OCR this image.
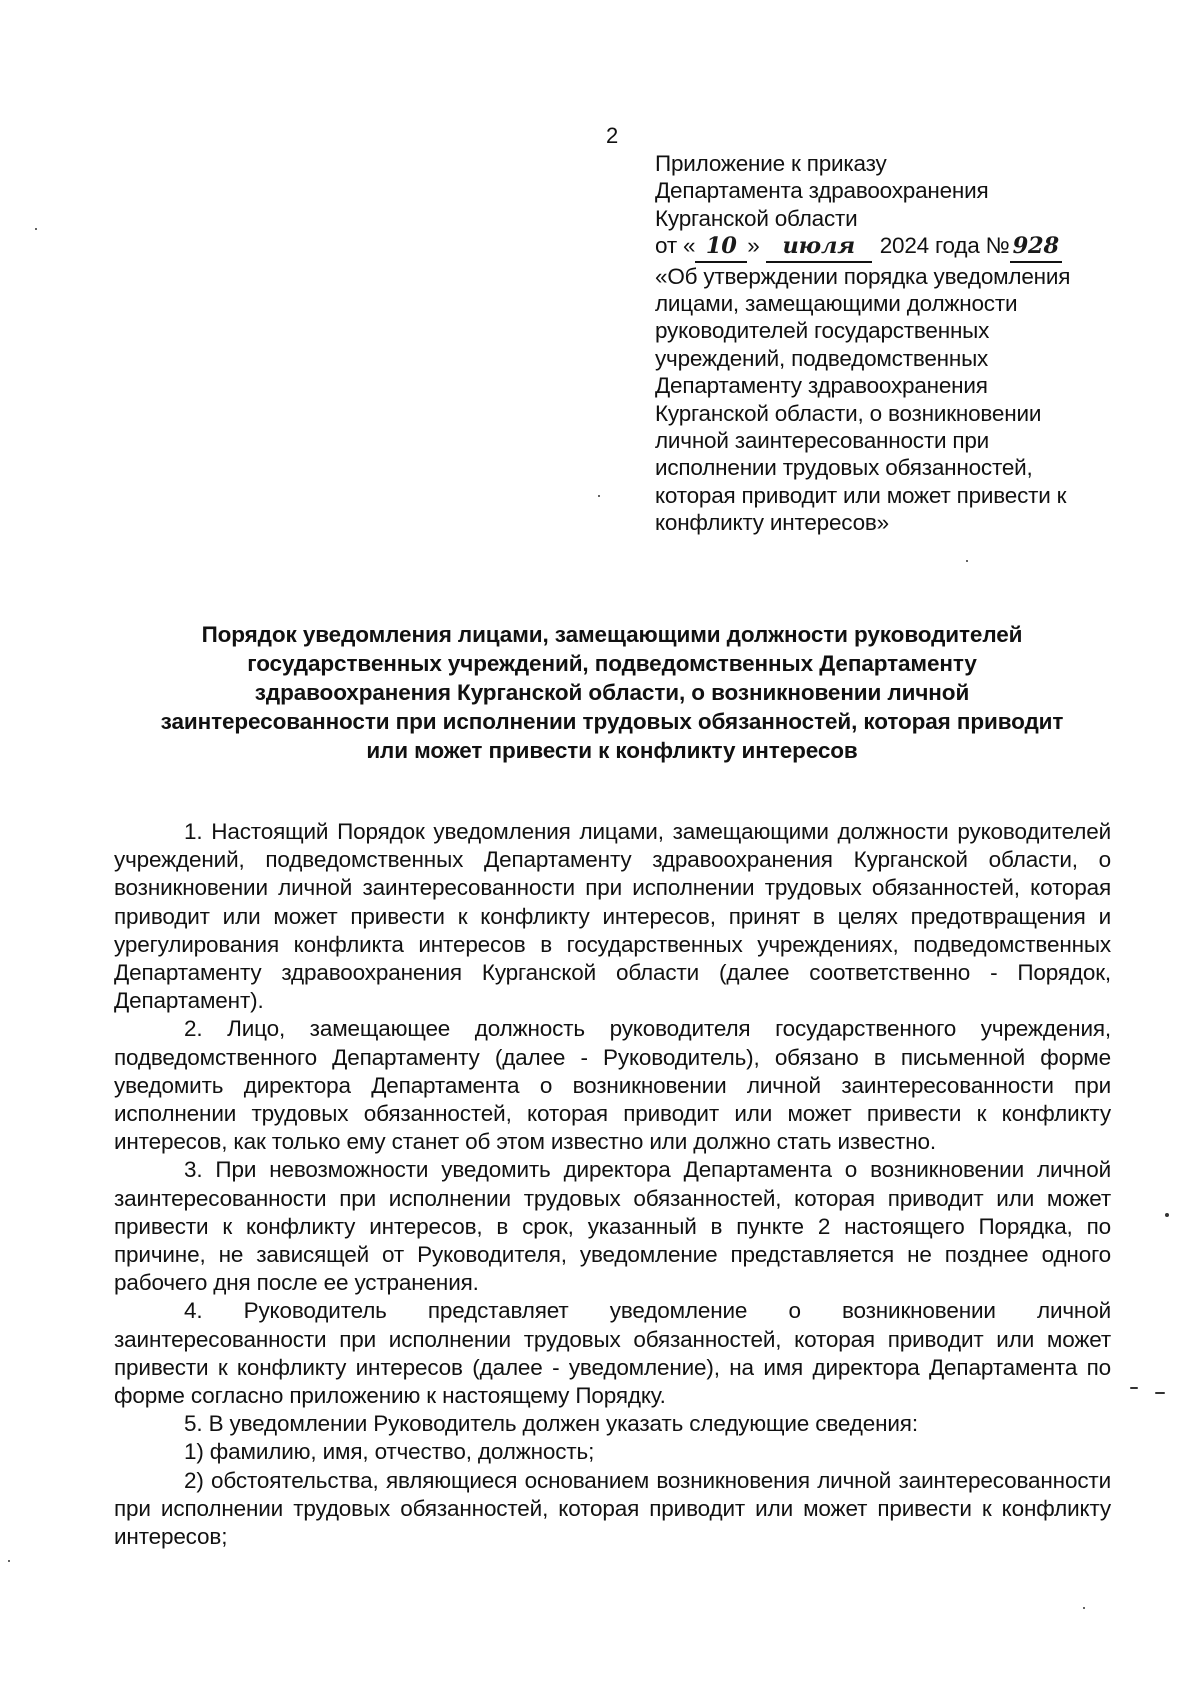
2
Приложение к приказу
Департамента здравоохранения
Курганской области
от « 10 » июля 2024 года № 928
«Об утверждении порядка уведомления
лицами, замещающими должности
руководителей государственных
учреждений, подведомственных
Департаменту здравоохранения
Курганской области, о возникновении
личной заинтересованности при
исполнении трудовых обязанностей,
которая приводит или может привести к
конфликту интересов»
Порядок уведомления лицами, замещающими должности руководителей
государственных учреждений, подведомственных Департаменту
здравоохранения Курганской области, о возникновении личной
заинтересованности при исполнении трудовых обязанностей, которая приводит
или может привести к конфликту интересов

1. Настоящий Порядок уведомления лицами, замещающими должности руководителей учреждений, подведомственных Департаменту здравоохранения Курганской области, о возникновении личной заинтересованности при исполнении трудовых обязанностей, которая приводит или может привести к конфликту интересов, принят в целях предотвращения и урегулирования конфликта интересов в государственных учреждениях, подведомственных Департаменту здравоохранения Курганской области (далее соответственно - Порядок, Департамент).

2. Лицо, замещающее должность руководителя государственного учреждения, подведомственного Департаменту (далее - Руководитель), обязано в письменной форме уведомить директора Департамента о возникновении личной заинтересованности при исполнении трудовых обязанностей, которая приводит или может привести к конфликту интересов, как только ему станет об этом известно или должно стать известно.

3. При невозможности уведомить директора Департамента о возникновении личной заинтересованности при исполнении трудовых обязанностей, которая приводит или может привести к конфликту интересов, в срок, указанный в пункте 2 настоящего Порядка, по причине, не зависящей от Руководителя, уведомление представляется не позднее одного рабочего дня после ее устранения.

4. Руководитель представляет уведомление о возникновении личной заинтересованности при исполнении трудовых обязанностей, которая приводит или может привести к конфликту интересов (далее - уведомление), на имя директора Департамента по форме согласно приложению к настоящему Порядку.

5. В уведомлении Руководитель должен указать следующие сведения:

1) фамилию, имя, отчество, должность;

2) обстоятельства, являющиеся основанием возникновения личной заинтересованности при исполнении трудовых обязанностей, которая приводит или может привести к конфликту интересов;
